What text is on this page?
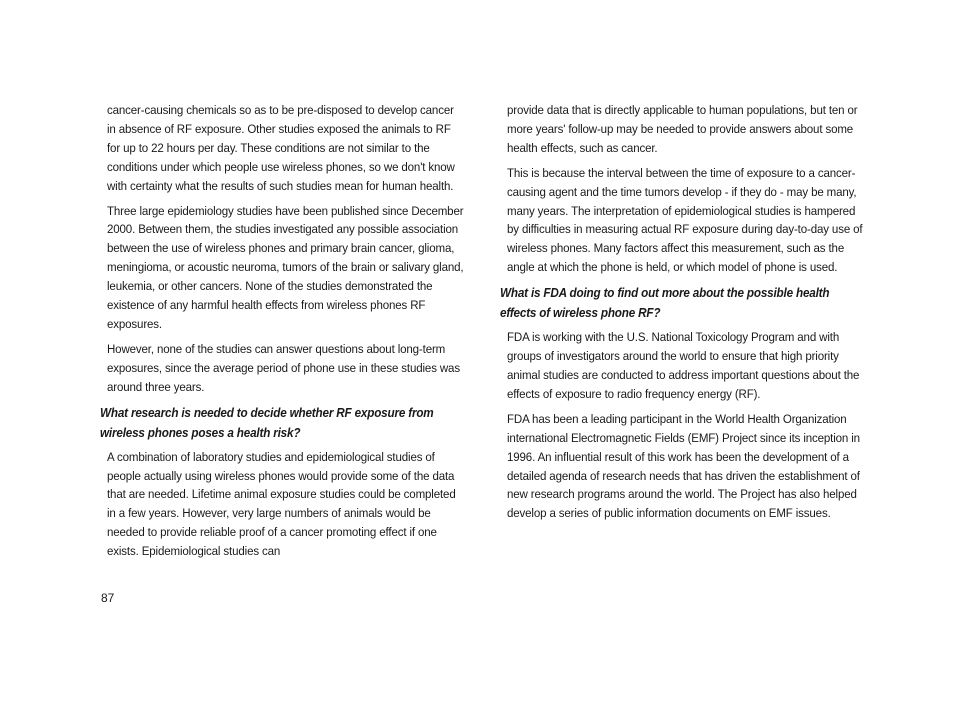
cancer-causing chemicals so as to be pre-disposed to develop cancer in absence of RF exposure. Other studies exposed the animals to RF for up to 22 hours per day. These conditions are not similar to the conditions under which people use wireless phones, so we don't know with certainty what the results of such studies mean for human health.

Three large epidemiology studies have been published since December 2000. Between them, the studies investigated any possible association between the use of wireless phones and primary brain cancer, glioma, meningioma, or acoustic neuroma, tumors of the brain or salivary gland, leukemia, or other cancers. None of the studies demonstrated the existence of any harmful health effects from wireless phones RF exposures.

However, none of the studies can answer questions about long-term exposures, since the average period of phone use in these studies was around three years.

What research is needed to decide whether RF exposure from wireless phones poses a health risk?

A combination of laboratory studies and epidemiological studies of people actually using wireless phones would provide some of the data that are needed. Lifetime animal exposure studies could be completed in a few years. However, very large numbers of animals would be needed to provide reliable proof of a cancer promoting effect if one exists. Epidemiological studies can

provide data that is directly applicable to human populations, but ten or more years' follow-up may be needed to provide answers about some health effects, such as cancer.

This is because the interval between the time of exposure to a cancer-causing agent and the time tumors develop - if they do - may be many, many years. The interpretation of epidemiological studies is hampered by difficulties in measuring actual RF exposure during day-to-day use of wireless phones. Many factors affect this measurement, such as the angle at which the phone is held, or which model of phone is used.

What is FDA doing to find out more about the possible health effects of wireless phone RF?

FDA is working with the U.S. National Toxicology Program and with groups of investigators around the world to ensure that high priority animal studies are conducted to address important questions about the effects of exposure to radio frequency energy (RF).

FDA has been a leading participant in the World Health Organization international Electromagnetic Fields (EMF) Project since its inception in 1996. An influential result of this work has been the development of a detailed agenda of research needs that has driven the establishment of new research programs around the world. The Project has also helped develop a series of public information documents on EMF issues.

87
